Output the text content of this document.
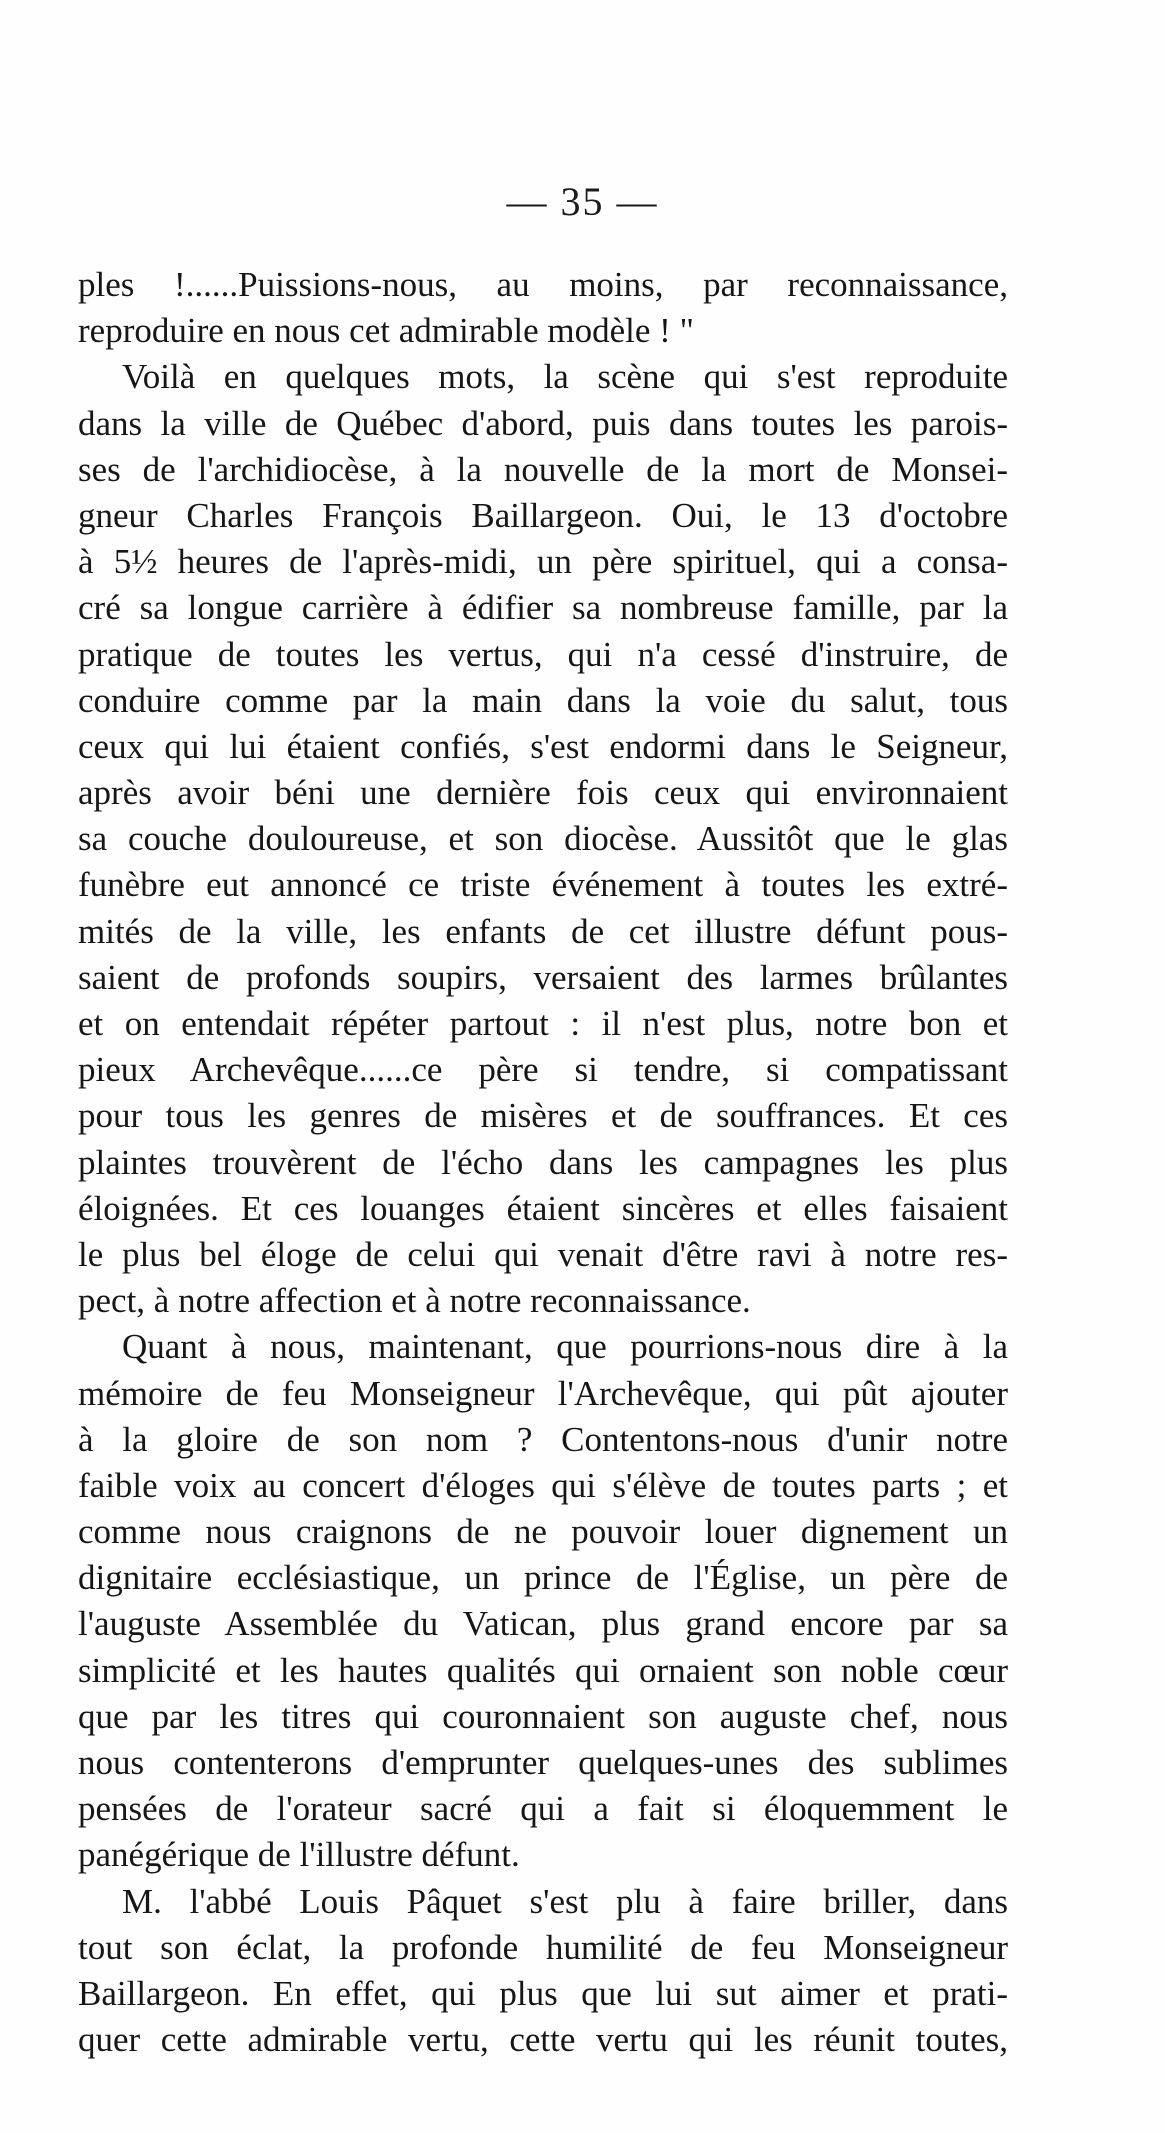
— 35 —
ples !......Puissions-nous, au moins, par reconnaissance,
reproduire en nous cet admirable modèle ! "
Voilà en quelques mots, la scène qui s'est reproduite
dans la ville de Québec d'abord, puis dans toutes les parois-
ses de l'archidiocèse, à la nouvelle de la mort de Monsei-
gneur Charles François Baillargeon. Oui, le 13 d'octobre
à 5½ heures de l'après-midi, un père spirituel, qui a consa-
cré sa longue carrière à édifier sa nombreuse famille, par la
pratique de toutes les vertus, qui n'a cessé d'instruire, de
conduire comme par la main dans la voie du salut, tous
ceux qui lui étaient confiés, s'est endormi dans le Seigneur,
après avoir béni une dernière fois ceux qui environnaient
sa couche douloureuse, et son diocèse. Aussitôt que le glas
funèbre eut annoncé ce triste événement à toutes les extré-
mités de la ville, les enfants de cet illustre défunt pous-
saient de profonds soupirs, versaient des larmes brûlantes
et on entendait répéter partout : il n'est plus, notre bon et
pieux Archevêque......ce père si tendre, si compatissant
pour tous les genres de misères et de souffrances. Et ces
plaintes trouvèrent de l'écho dans les campagnes les plus
éloignées. Et ces louanges étaient sincères et elles faisaient
le plus bel éloge de celui qui venait d'être ravi à notre res-
pect, à notre affection et à notre reconnaissance.
Quant à nous, maintenant, que pourrions-nous dire à la
mémoire de feu Monseigneur l'Archevêque, qui pût ajouter
à la gloire de son nom ? Contentons-nous d'unir notre
faible voix au concert d'éloges qui s'élève de toutes parts ; et
comme nous craignons de ne pouvoir louer dignement un
dignitaire ecclésiastique, un prince de l'Église, un père de
l'auguste Assemblée du Vatican, plus grand encore par sa
simplicité et les hautes qualités qui ornaient son noble cœur
que par les titres qui couronnaient son auguste chef, nous
nous contenterons d'emprunter quelques-unes des sublimes
pensées de l'orateur sacré qui a fait si éloquemment le
panégérique de l'illustre défunt.
M. l'abbé Louis Pâquet s'est plu à faire briller, dans
tout son éclat, la profonde humilité de feu Monseigneur
Baillargeon. En effet, qui plus que lui sut aimer et prati-
quer cette admirable vertu, cette vertu qui les réunit toutes,
